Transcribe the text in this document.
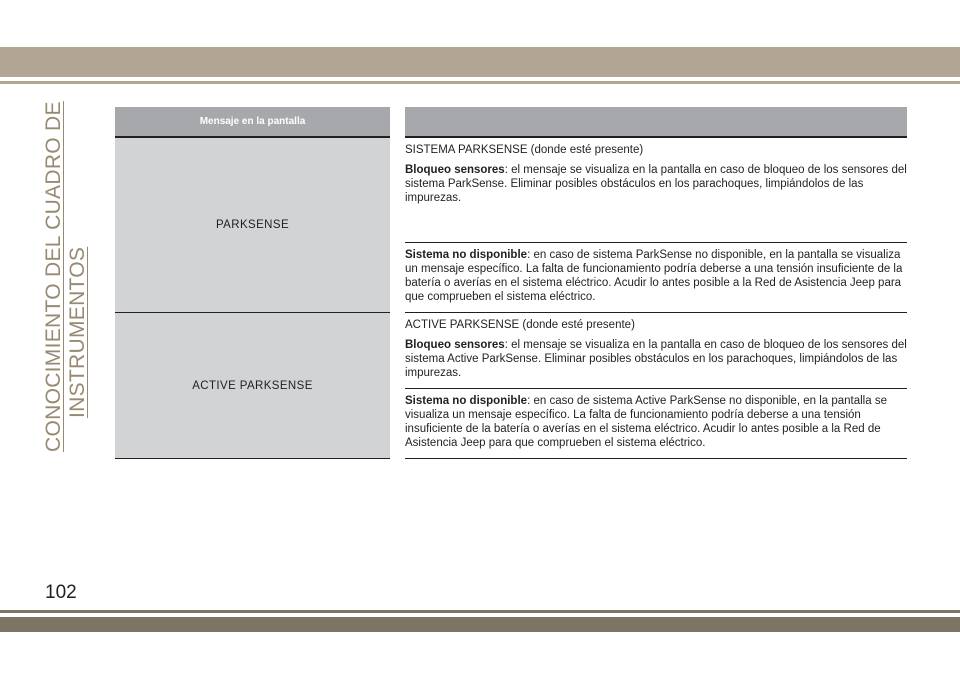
CONOCIMIENTO DEL CUADRO DE INSTRUMENTOS
Mensaje en la pantalla		
PARKSENSE		SISTEMA PARKSENSE (donde esté presente)
Bloqueo sensores: el mensaje se visualiza en la pantalla en caso de bloqueo de los sensores del sistema ParkSense. Eliminar posibles obstáculos en los parachoques, limpiándolos de las impurezas.
		Sistema no disponible: en caso de sistema ParkSense no disponible, en la pantalla se visualiza un mensaje específico. La falta de funcionamiento podría deberse a una tensión insuficiente de la batería o averías en el sistema eléctrico. Acudir lo antes posible a la Red de Asistencia Jeep para que comprueben el sistema eléctrico.
ACTIVE PARKSENSE		ACTIVE PARKSENSE (donde esté presente)
Bloqueo sensores: el mensaje se visualiza en la pantalla en caso de bloqueo de los sensores del sistema Active ParkSense. Eliminar posibles obstáculos en los parachoques, limpiándolos de las impurezas.
		Sistema no disponible: en caso de sistema Active ParkSense no disponible, en la pantalla se visualiza un mensaje específico. La falta de funcionamiento podría deberse a una tensión insuficiente de la batería o averías en el sistema eléctrico. Acudir lo antes posible a la Red de Asistencia Jeep para que comprueben el sistema eléctrico.
102
